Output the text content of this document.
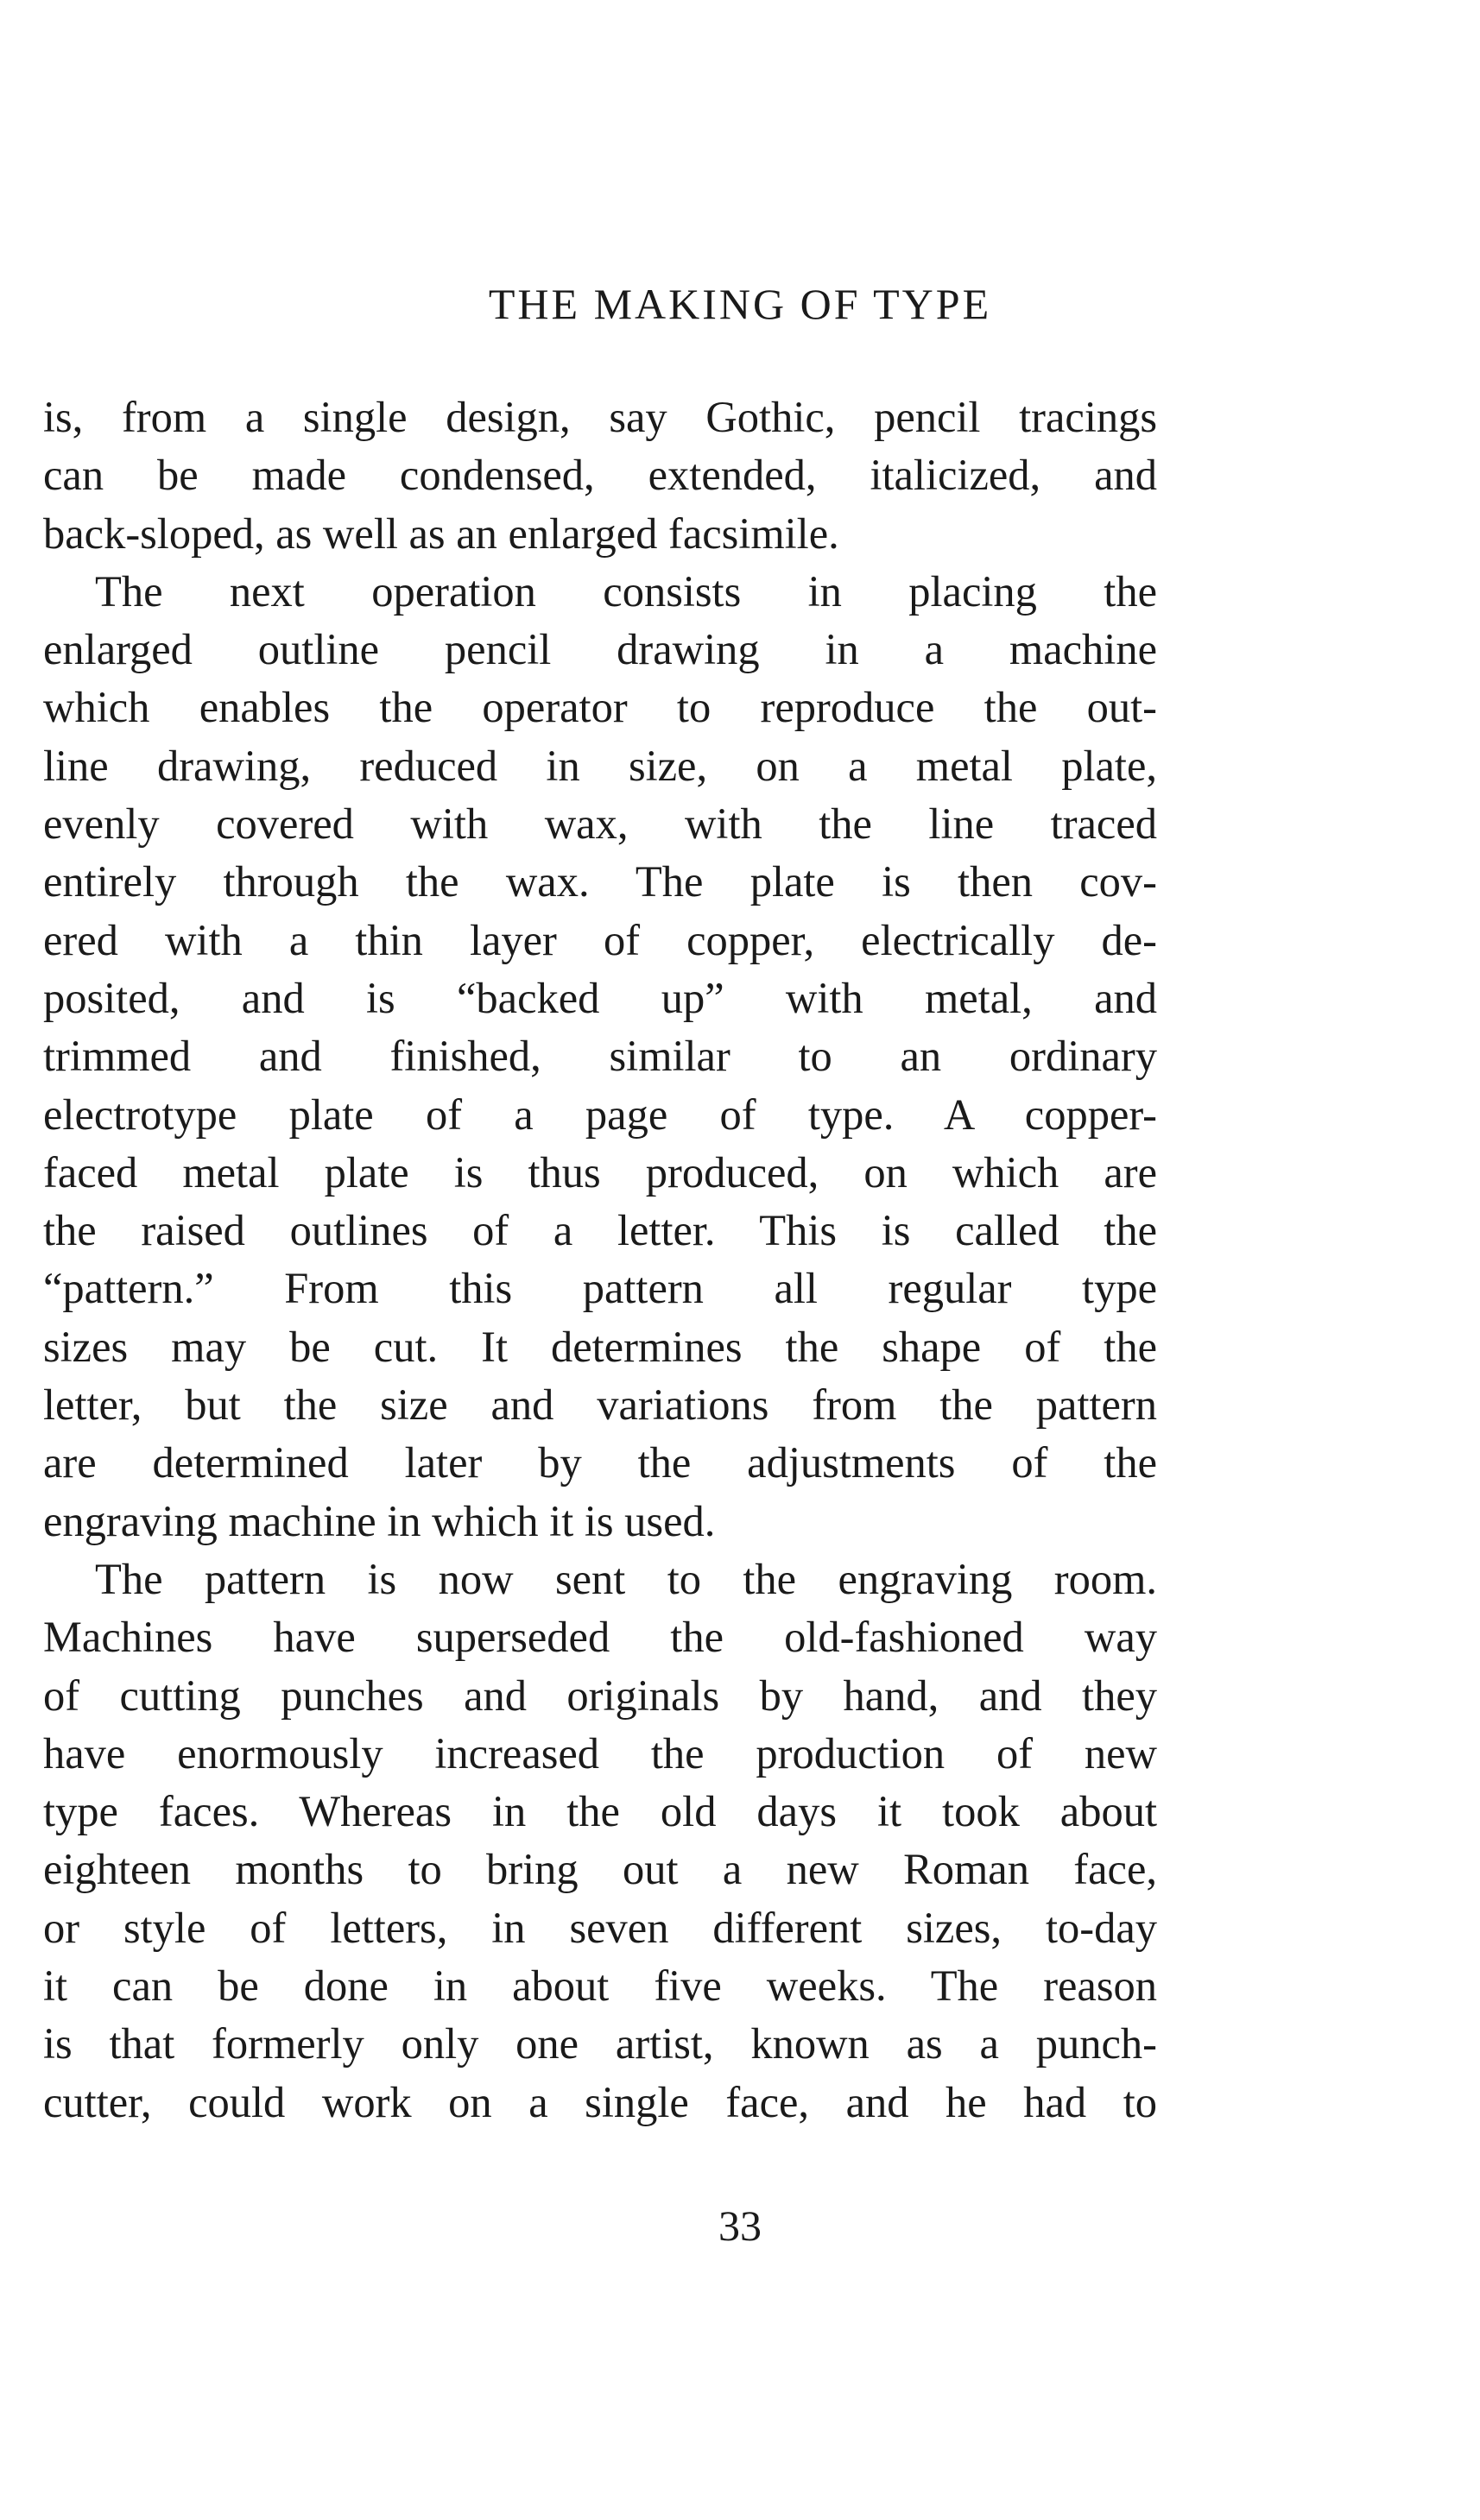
THE MAKING OF TYPE
is, from a single design, say Gothic, pencil tracings
can be made condensed, extended, italicized, and
back-sloped, as well as an enlarged facsimile.
The next operation consists in placing the
enlarged outline pencil drawing in a machine
which enables the operator to reproduce the out-
line drawing, reduced in size, on a metal plate,
evenly covered with wax, with the line traced
entirely through the wax. The plate is then cov-
ered with a thin layer of copper, electrically de-
posited, and is “backed up” with metal, and
trimmed and finished, similar to an ordinary
electrotype plate of a page of type. A copper-
faced metal plate is thus produced, on which are
the raised outlines of a letter. This is called the
“pattern.” From this pattern all regular type
sizes may be cut. It determines the shape of the
letter, but the size and variations from the pattern
are determined later by the adjustments of the
engraving machine in which it is used.
The pattern is now sent to the engraving room.
Machines have superseded the old-fashioned way
of cutting punches and originals by hand, and they
have enormously increased the production of new
type faces. Whereas in the old days it took about
eighteen months to bring out a new Roman face,
or style of letters, in seven different sizes, to-day
it can be done in about five weeks. The reason
is that formerly only one artist, known as a punch-
cutter, could work on a single face, and he had to
33
